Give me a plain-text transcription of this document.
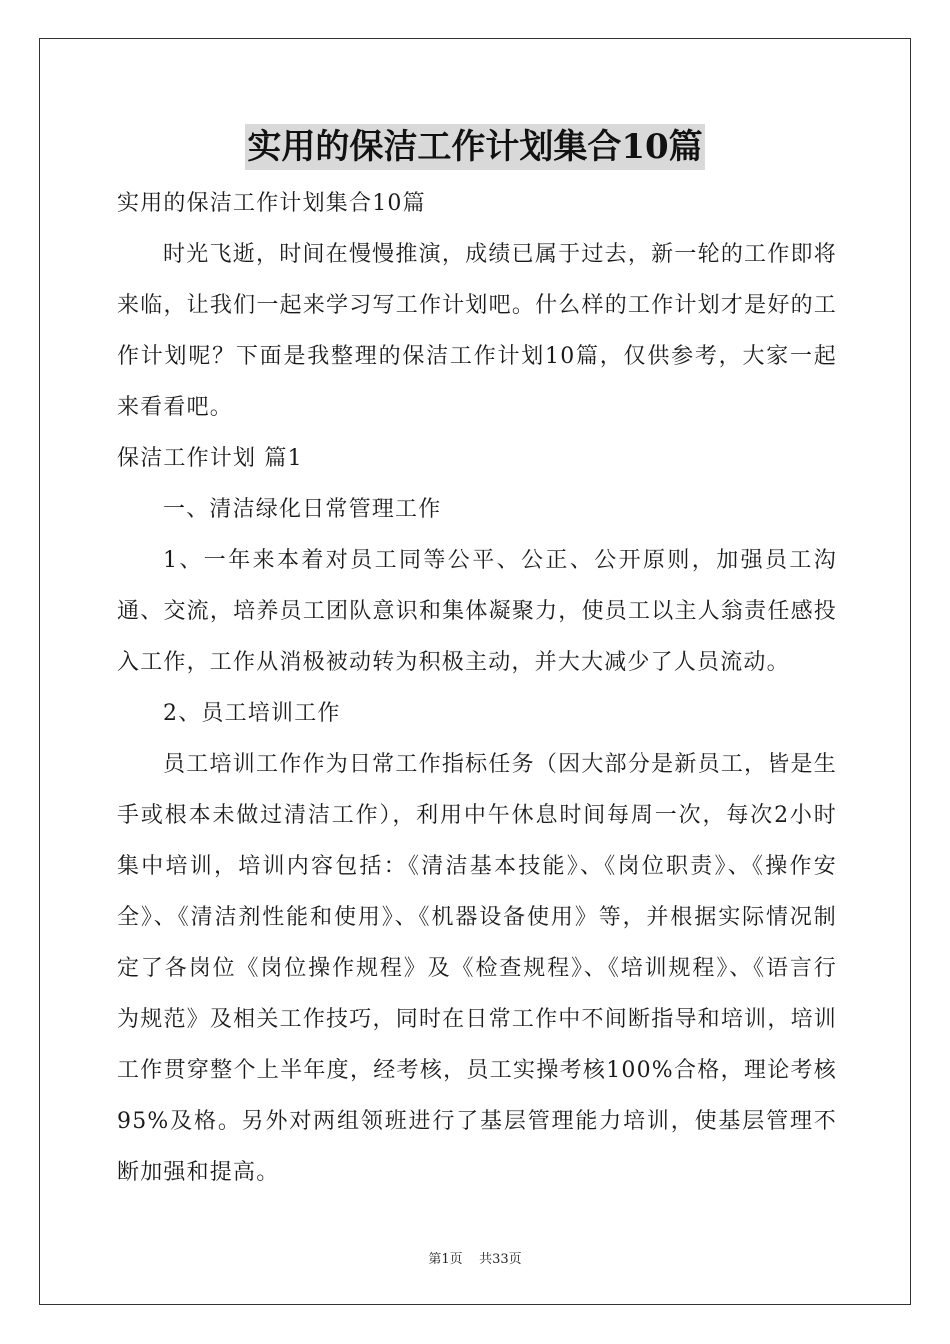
实用的保洁工作计划集合10篇

实用的保洁工作计划集合10篇

时光飞逝，时间在慢慢推演，成绩已属于过去，新一轮的工作即将来临，让我们一起来学习写工作计划吧。什么样的工作计划才是好的工作计划呢？下面是我整理的保洁工作计划10篇，仅供参考，大家一起来看看吧。

保洁工作计划 篇1

一、清洁绿化日常管理工作

1、一年来本着对员工同等公平、公正、公开原则，加强员工沟通、交流，培养员工团队意识和集体凝聚力，使员工以主人翁责任感投入工作，工作从消极被动转为积极主动，并大大减少了人员流动。

2、员工培训工作

员工培训工作作为日常工作指标任务（因大部分是新员工，皆是生手或根本未做过清洁工作），利用中午休息时间每周一次，每次2小时集中培训，培训内容包括：《清洁基本技能》、《岗位职责》、《操作安全》、《清洁剂性能和使用》、《机器设备使用》等，并根据实际情况制定了各岗位《岗位操作规程》及《检查规程》、《培训规程》、《语言行为规范》及相关工作技巧，同时在日常工作中不间断指导和培训，培训工作贯穿整个上半年度，经考核，员工实操考核100%合格，理论考核95%及格。另外对两组领班进行了基层管理能力培训，使基层管理不断加强和提高。

第1页 共33页
